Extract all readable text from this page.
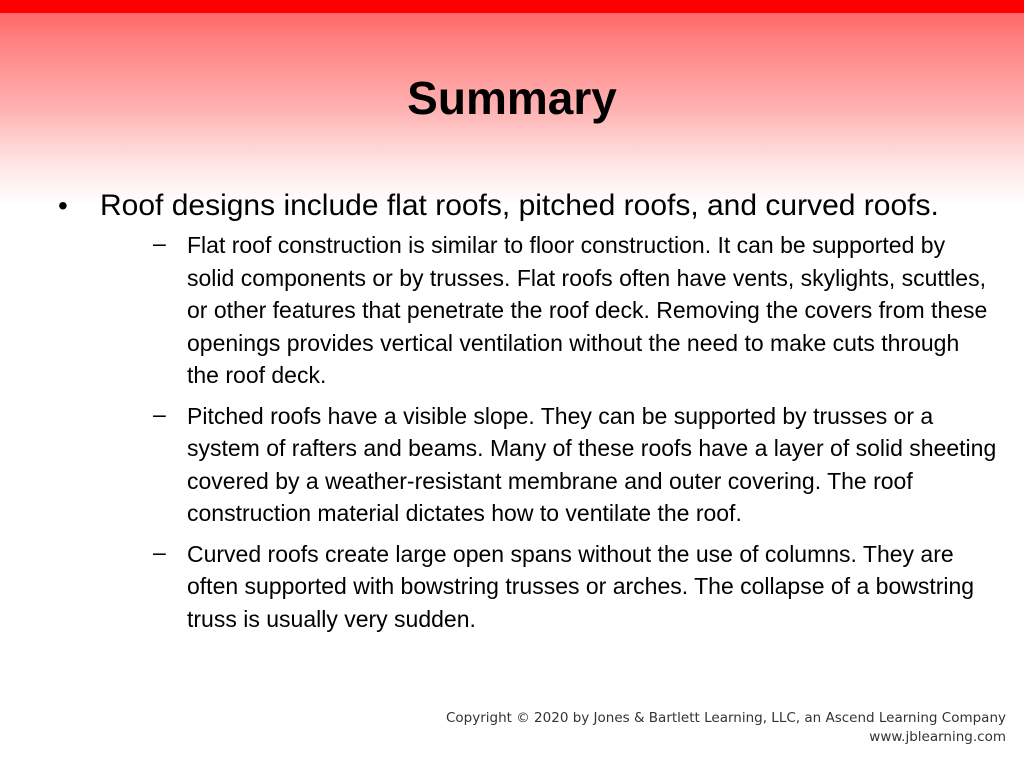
Summary
• Roof designs include flat roofs, pitched roofs, and curved roofs.
– Flat roof construction is similar to floor construction. It can be supported by solid components or by trusses. Flat roofs often have vents, skylights, scuttles, or other features that penetrate the roof deck. Removing the covers from these openings provides vertical ventilation without the need to make cuts through the roof deck.
– Pitched roofs have a visible slope. They can be supported by trusses or a system of rafters and beams. Many of these roofs have a layer of solid sheeting covered by a weather-resistant membrane and outer covering. The roof construction material dictates how to ventilate the roof.
– Curved roofs create large open spans without the use of columns. They are often supported with bowstring trusses or arches. The collapse of a bowstring truss is usually very sudden.
Copyright © 2020 by Jones & Bartlett Learning, LLC, an Ascend Learning Company
www.jblearning.com
